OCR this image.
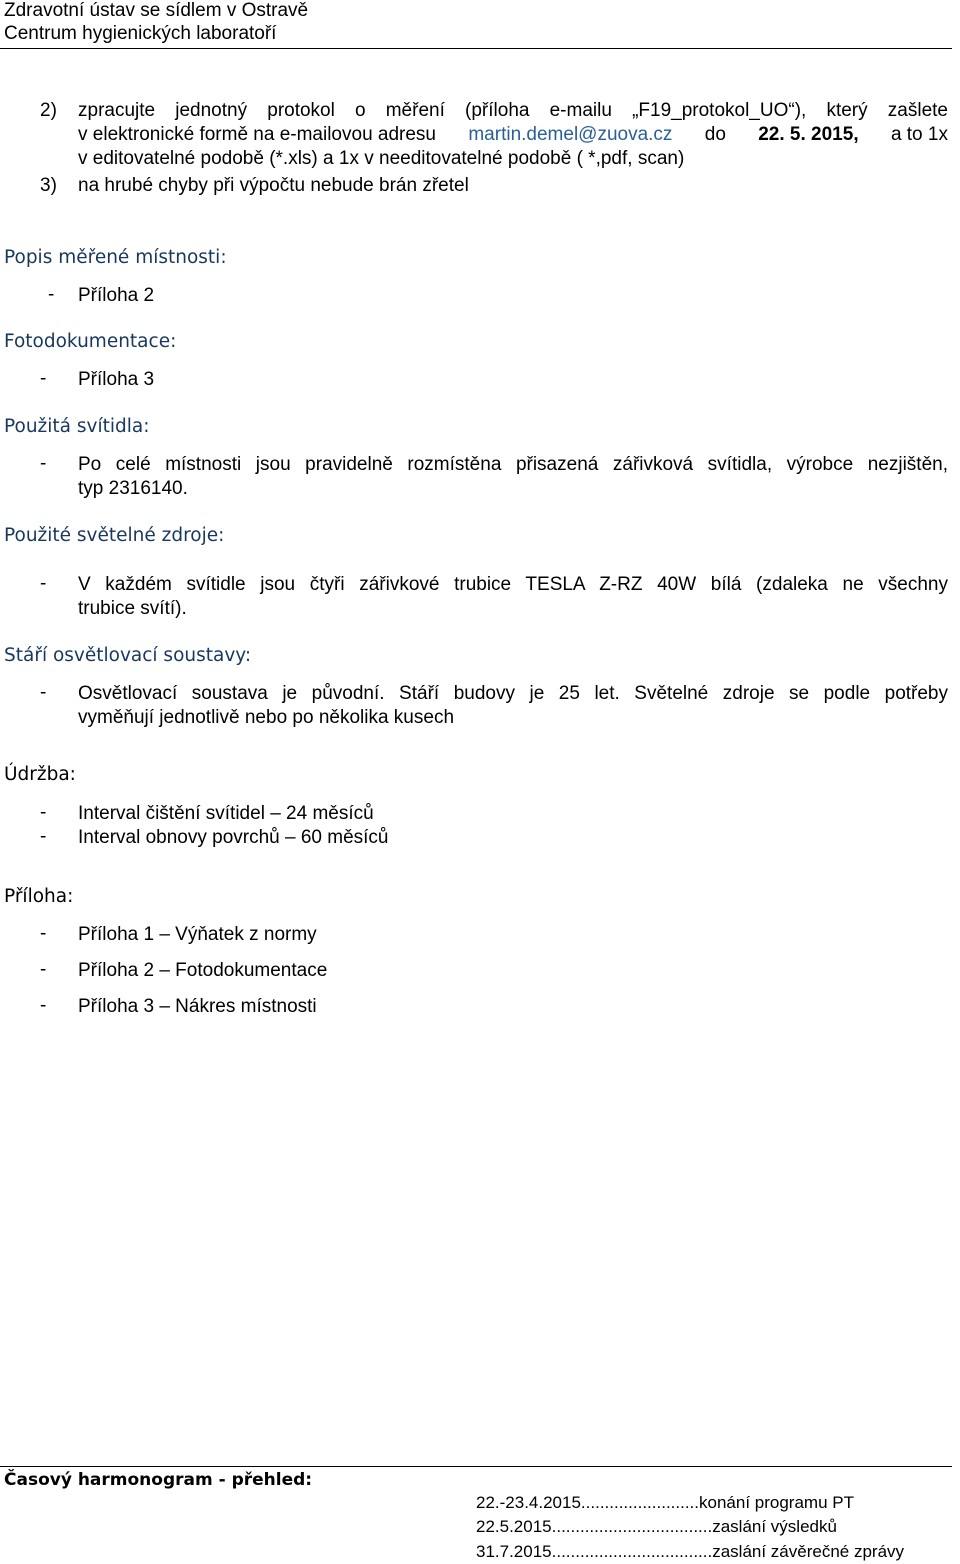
Zdravotní ústav se sídlem v Ostravě
Centrum hygienických laboratoří
2) zpracujte jednotný protokol o měření (příloha e-mailu „F19_protokol_UO“), který zašlete
v elektronické formě na e-mailovou adresu martin.demel@zuova.cz do 22. 5. 2015, a to 1x
v editovatelné podobě (*.xls) a 1x v needitovatelné podobě ( *,pdf, scan)
3) na hrubé chyby při výpočtu nebude brán zřetel
Popis měřené místnosti:
- Příloha 2
Fotodokumentace:
- Příloha 3
Použitá svítidla:
- Po celé místnosti jsou pravidelně rozmístěna přisazená zářivková svítidla, výrobce nezjištěn,
typ 2316140.
Použité světelné zdroje:
- V každém svítidle jsou čtyři zářivkové trubice TESLA Z-RZ 40W bílá (zdaleka ne všechny
trubice svítí).
Stáří osvětlovací soustavy:
- Osvětlovací soustava je původní. Stáří budovy je 25 let. Světelné zdroje se podle potřeby
vyměňují jednotlivě nebo po několika kusech
Údržba:
- Interval čištění svítidel – 24 měsíců
- Interval obnovy povrchů – 60 měsíců
Příloha:
- Příloha 1 – Výňatek z normy
- Příloha 2 – Fotodokumentace
- Příloha 3 – Nákres místnosti
Časový harmonogram - přehled:
22.-23.4.2015.........................konání programu PT
22.5.2015..................................zaslání výsledků
31.7.2015..................................zaslání závěrečné zprávy
